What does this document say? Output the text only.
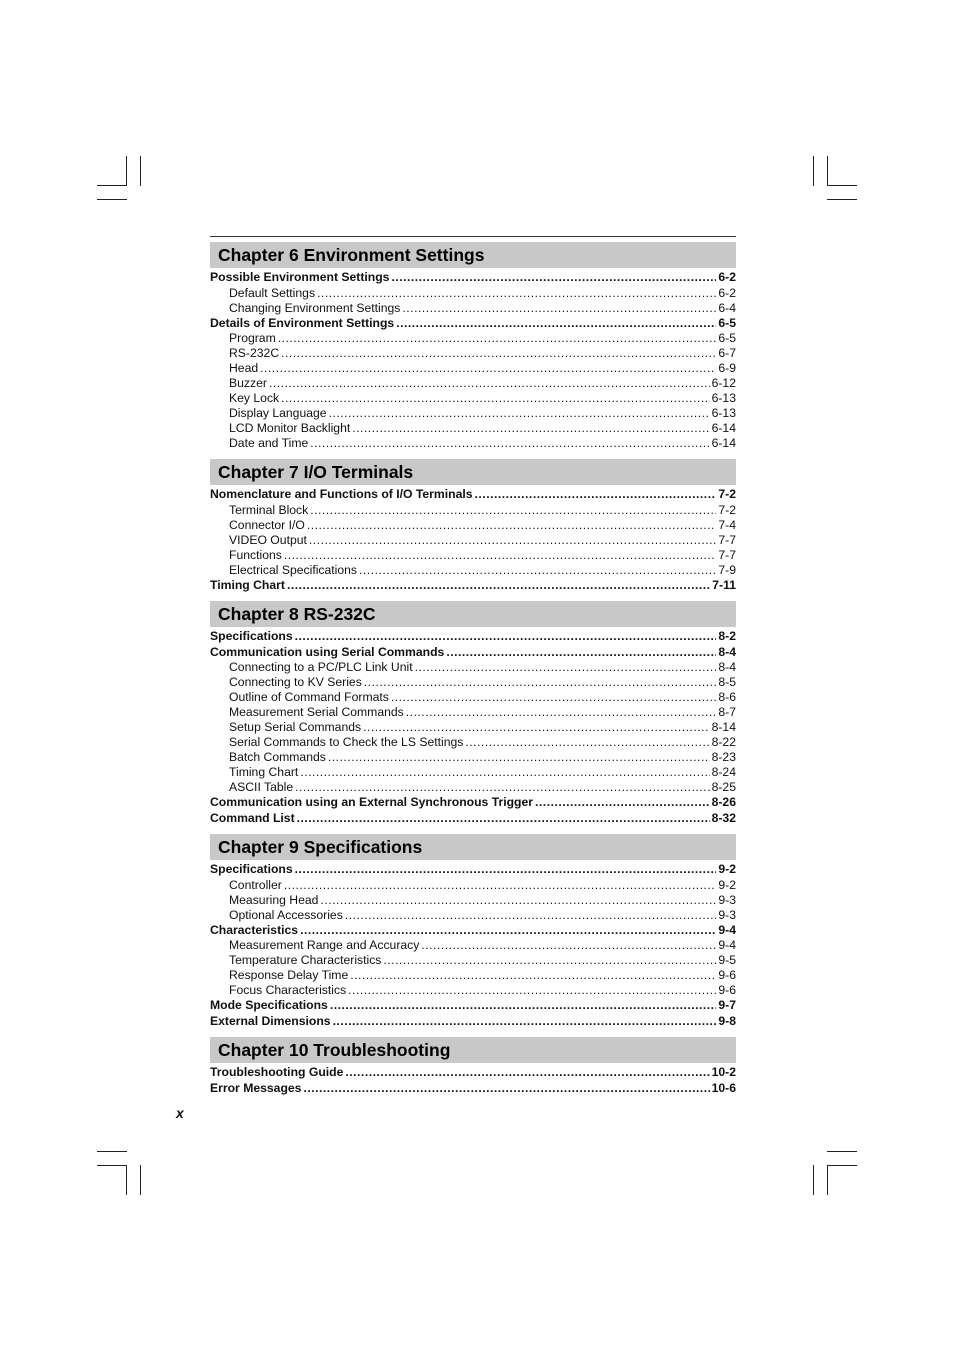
Chapter 6 Environment Settings
Possible Environment Settings .....	6-2
Default Settings .....	6-2
Changing Environment Settings .....	6-4
Details of Environment Settings .....	6-5
Program .....	6-5
RS-232C .....	6-7
Head .....	6-9
Buzzer .....	6-12
Key Lock .....	6-13
Display Language .....	6-13
LCD Monitor Backlight .....	6-14
Date and Time .....	6-14
Chapter 7 I/O Terminals
Nomenclature and Functions of I/O Terminals .....	7-2
Terminal Block .....	7-2
Connector I/O .....	7-4
VIDEO Output .....	7-7
Functions .....	7-7
Electrical Specifications .....	7-9
Timing Chart .....	7-11
Chapter 8 RS-232C
Specifications .....	8-2
Communication using Serial Commands .....	8-4
Connecting to a PC/PLC Link Unit .....	8-4
Connecting to KV Series .....	8-5
Outline of Command Formats .....	8-6
Measurement Serial Commands .....	8-7
Setup Serial Commands .....	8-14
Serial Commands to Check the LS Settings .....	8-22
Batch Commands .....	8-23
Timing Chart .....	8-24
ASCII Table .....	8-25
Communication using an External Synchronous Trigger .....	8-26
Command List .....	8-32
Chapter 9 Specifications
Specifications .....	9-2
Controller .....	9-2
Measuring Head .....	9-3
Optional Accessories .....	9-3
Characteristics .....	9-4
Measurement Range and Accuracy .....	9-4
Temperature Characteristics .....	9-5
Response Delay Time .....	9-6
Focus Characteristics .....	9-6
Mode Specifications .....	9-7
External Dimensions .....	9-8
Chapter 10 Troubleshooting
Troubleshooting Guide .....	10-2
Error Messages .....	10-6
x
